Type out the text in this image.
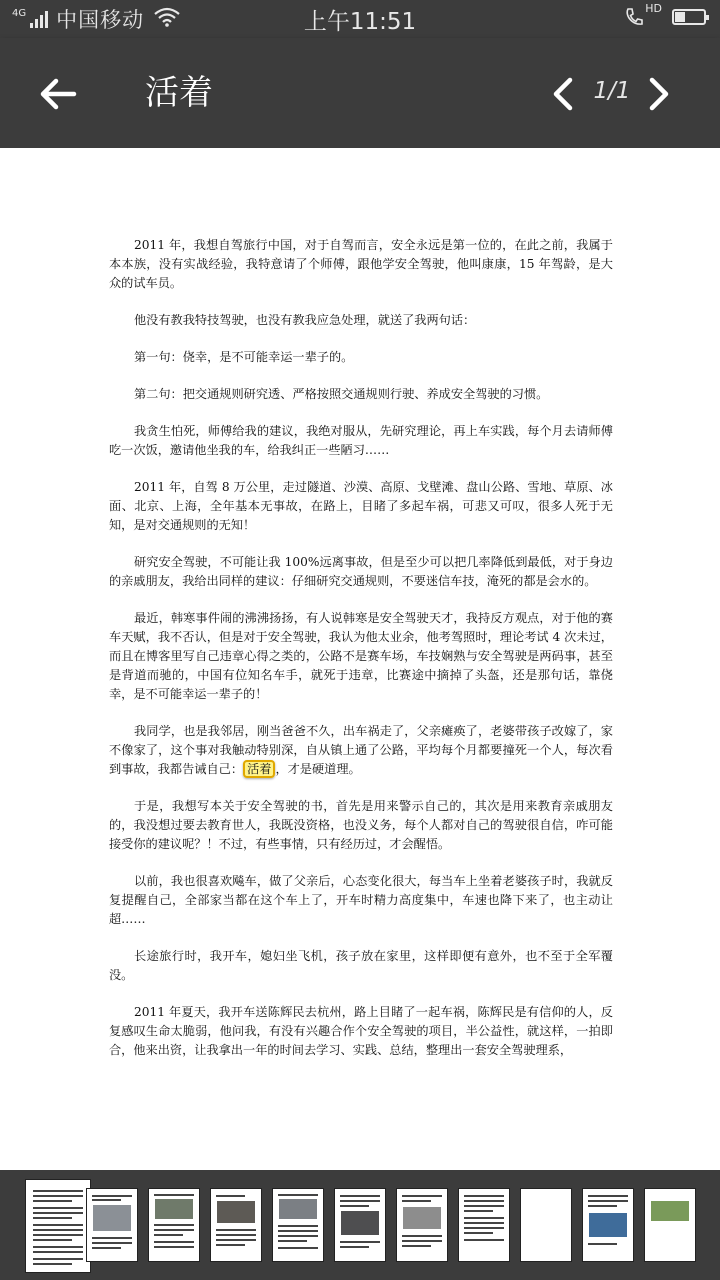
4G 中国移动	上午11:51
HD
活着	1/1

2011 年，我想自驾旅行中国，对于自驾而言，安全永远是第一位的，在此之前，我属于本本族，没有实战经验，我特意请了个师傅，跟他学安全驾驶，他叫康康，15 年驾龄，是大众的试车员。

他没有教我特技驾驶，也没有教我应急处理，就送了我两句话：

第一句：侥幸，是不可能幸运一辈子的。

第二句：把交通规则研究透、严格按照交通规则行驶、养成安全驾驶的习惯。

我贪生怕死，师傅给我的建议，我绝对服从，先研究理论，再上车实践，每个月去请师傅吃一次饭，邀请他坐我的车，给我纠正一些陋习……

2011 年，自驾 8 万公里，走过隧道、沙漠、高原、戈壁滩、盘山公路、雪地、草原、冰面、北京、上海，全年基本无事故，在路上，目睹了多起车祸，可悲又可叹，很多人死于无知，是对交通规则的无知！

研究安全驾驶，不可能让我 100%远离事故，但是至少可以把几率降低到最低，对于身边的亲戚朋友，我给出同样的建议：仔细研究交通规则，不要迷信车技，淹死的都是会水的。

最近，韩寒事件闹的沸沸扬扬，有人说韩寒是安全驾驶天才，我持反方观点，对于他的赛车天赋，我不否认，但是对于安全驾驶，我认为他太业余，他考驾照时，理论考试 4 次未过，而且在博客里写自己违章心得之类的，公路不是赛车场，车技娴熟与安全驾驶是两码事，甚至是背道而驰的，中国有位知名车手，就死于违章，比赛途中摘掉了头盔，还是那句话，靠侥幸，是不可能幸运一辈子的！

我同学，也是我邻居，刚当爸爸不久，出车祸走了，父亲瘫痪了，老婆带孩子改嫁了，家不像家了，这个事对我触动特别深，自从镇上通了公路，平均每个月都要撞死一个人，每次看到事故，我都告诫自己： 活着 ，才是硬道理。

于是，我想写本关于安全驾驶的书，首先是用来警示自己的，其次是用来教育亲戚朋友的，我没想过要去教育世人，我既没资格，也没义务，每个人都对自己的驾驶很自信，咋可能接受你的建议呢？！不过，有些事情，只有经历过，才会醒悟。

以前，我也很喜欢飚车，做了父亲后，心态变化很大，每当车上坐着老婆孩子时，我就反复提醒自己，全部家当都在这个车上了，开车时精力高度集中，车速也降下来了，也主动让超……

长途旅行时，我开车，媳妇坐飞机，孩子放在家里，这样即便有意外，也不至于全军覆没。

2011 年夏天，我开车送陈辉民去杭州，路上目睹了一起车祸，陈辉民是有信仰的人，反复感叹生命太脆弱，他问我，有没有兴趣合作个安全驾驶的项目，半公益性，就这样，一拍即合，他来出资，让我拿出一年的时间去学习、实践、总结，整理出一套安全驾驶理系，
